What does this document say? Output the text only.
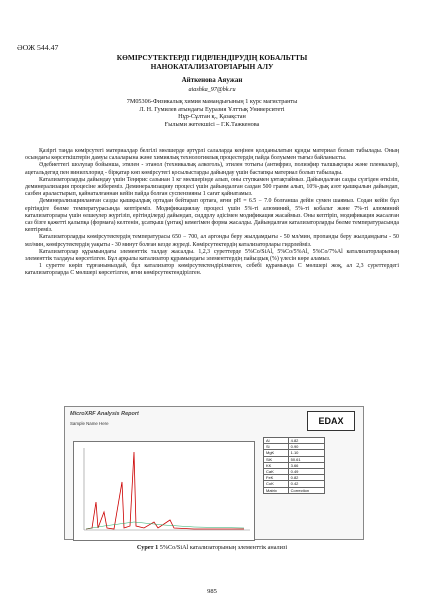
ӘОЖ 544.47
КӨМІРСУТЕКТЕРДІ ГИДРЛЕНДІРУДІҢ КОБАЛЬТТЫ
НАНОКАТАЛИЗАТОРЛАРЫН АЛУ
Айткенова Аяужан
aiashka_97@bk.ru
7М05306-Физикалық химия мамандығының 1 курс магистранты
Л. Н. Гумилев атындағы Еуразия Ұлттық Университеті
Нұр-Сұлтан қ., Қазақстан
Ғылыми жетекшісі – Г.К.Тажкенова

Қазіргі таңда көмірсутегі материалдар белгілі мөлшерде әртүрлі салаларда кеңінен қолданылатын құнды материал болып табылады. Оның осындағы көрсеткіштерін дамуы салаларына және химиялық технологиялық процестердің пайда болуымен тығыз байланысты.

Әдебиеттегі шолулар бойынша, этилен - этанол (техникалық алкоголь), этилен тотығы (антифриз, полиэфир талшықтары және пленкалар), ацетальдегид пен винилхлорид - бірқатар көп көмірсутегі қосылыстарды дайындау үшін бастапқы материал болып табылады.

Катализаторларды дайындау үшін Теңирис сазынан 1 кг мөлшерінде алып, оны ступкамен ұнтақтаймыз. Дайындалған сазды сүзгіден өткізіп, деминерализация процесіне жібереміз. Деминерализацияу процесі үшін дайындалған саздан 500 грамм алып, 10%-дық азот қышқылын дайындап, сазбен араластырып, қайнаталғаннан кейін пайда болған суспензияны 1 сағат қайнатамыз.

Деминерализацияланған сазды қышқылдық ортадан бейтарап ортаға, яғни pH = 6.5 − 7.0 болғанша дейін сумен шаямыз. Содан кейін бұл ерітіндіге бөлме температурасында кептіреміз. Модификациялау процесі үшін 5%-ті алюминий, 5%-ті кобальт және 7%-ті алюминий катализаторлары үшін өлшеулер жүргізіп, ерітінділерді дайындап, сиддрлу әдісімен модификация жасаймыз. Оны кептіріп, модификация жасалған саз бізге қажетті қалыпқа (формаға) келтенін, ұсатқыш (ұнтақ) кемегімен форма жасалды. Дайындалған катализаторларды бөлме температурасында кептіреміз.

Катализаторларды көмірсутектердің температурасы 650 − 700, ал аргонды беру жылдамдығы - 50 мл/мин, пропанды беру жылдамдығы - 50 мл/мин, көмірсутектердің уақыты - 30 минут болған кезде жүреді. Көмірсутектердің катализаторлары гидрлейміз.

Катализаторлар құрамындағы элементтік талдау жасалды. 1,2,3 суреттерде 5%Co/SiAl, 5%Co/5%Al, 5%Co/7%Al катализаторларының элементтік талдауы көрсетілген. Бұл арқылы катализатор құрамындағы элементтердің пайыздық (%) үлесін көре аламыз.

1 суретте көріп тұрғанымыздай, бұл катализатор көмірсутектендірілмеген, себебі құрамында С мөлшері жоқ, ал 2,3 суреттердегі катализаторларда С мөлшері көрсетілген, яғни көмірсутектендірілген.

MicroXRF Analysis Report
Sample Name Here	EDAX
Al	4.82
Si	0.90
MgK	1.10
SiK	50.61
KK	3.66
CaK	0.49
FeK	0.82
CoK	0.42
Matrix	Correction
Сурет 1 5%Co/SiAl катализаторының элементтік анализі
985
